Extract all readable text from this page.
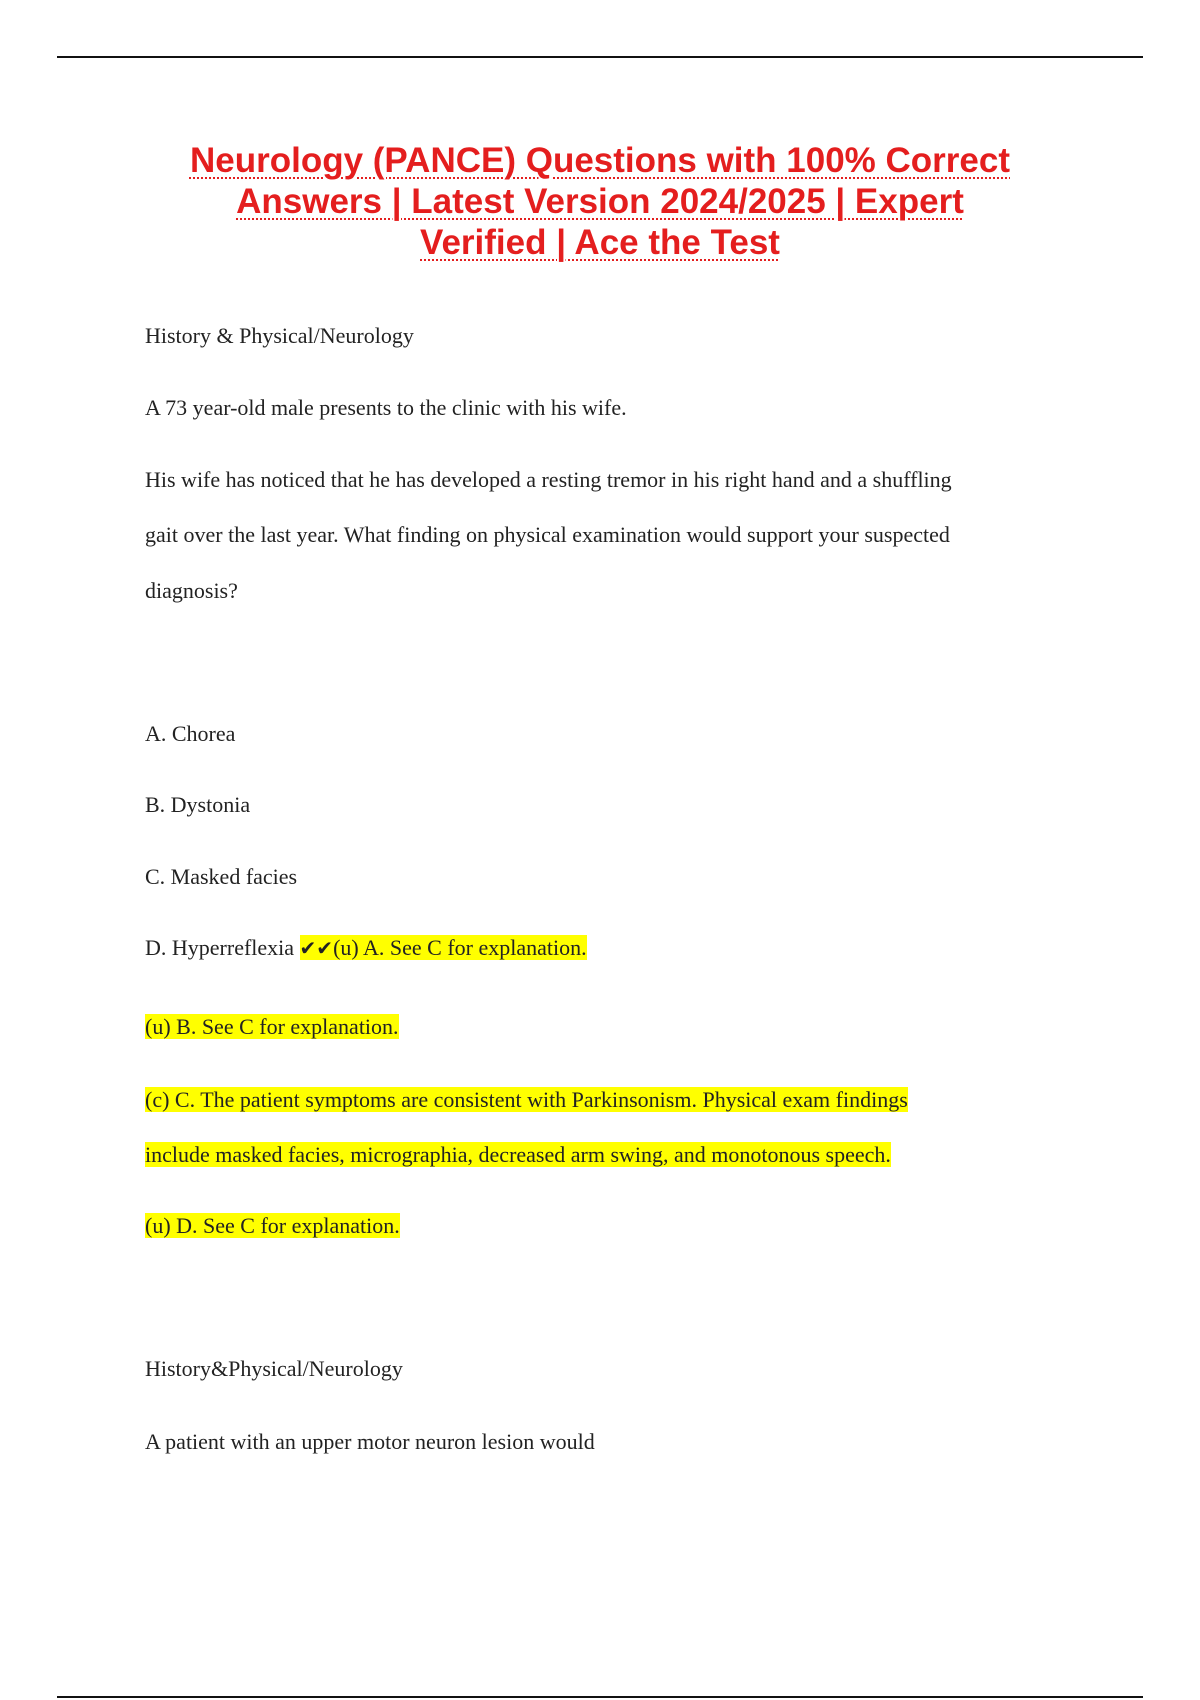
Neurology (PANCE) Questions with 100% Correct
Answers | Latest Version 2024/2025 | Expert
Verified | Ace the Test
History & Physical/Neurology
A 73 year-old male presents to the clinic with his wife.
His wife has noticed that he has developed a resting tremor in his right hand and a shuffling
gait over the last year. What finding on physical examination would support your suspected
diagnosis?
A. Chorea
B. Dystonia
C. Masked facies
D. Hyperreflexia ✔✔(u) A. See C for explanation.
(u) B. See C for explanation.
(c) C. The patient symptoms are consistent with Parkinsonism. Physical exam findings
include masked facies, micrographia, decreased arm swing, and monotonous speech.
(u) D. See C for explanation.
History&Physical/Neurology
A patient with an upper motor neuron lesion would
